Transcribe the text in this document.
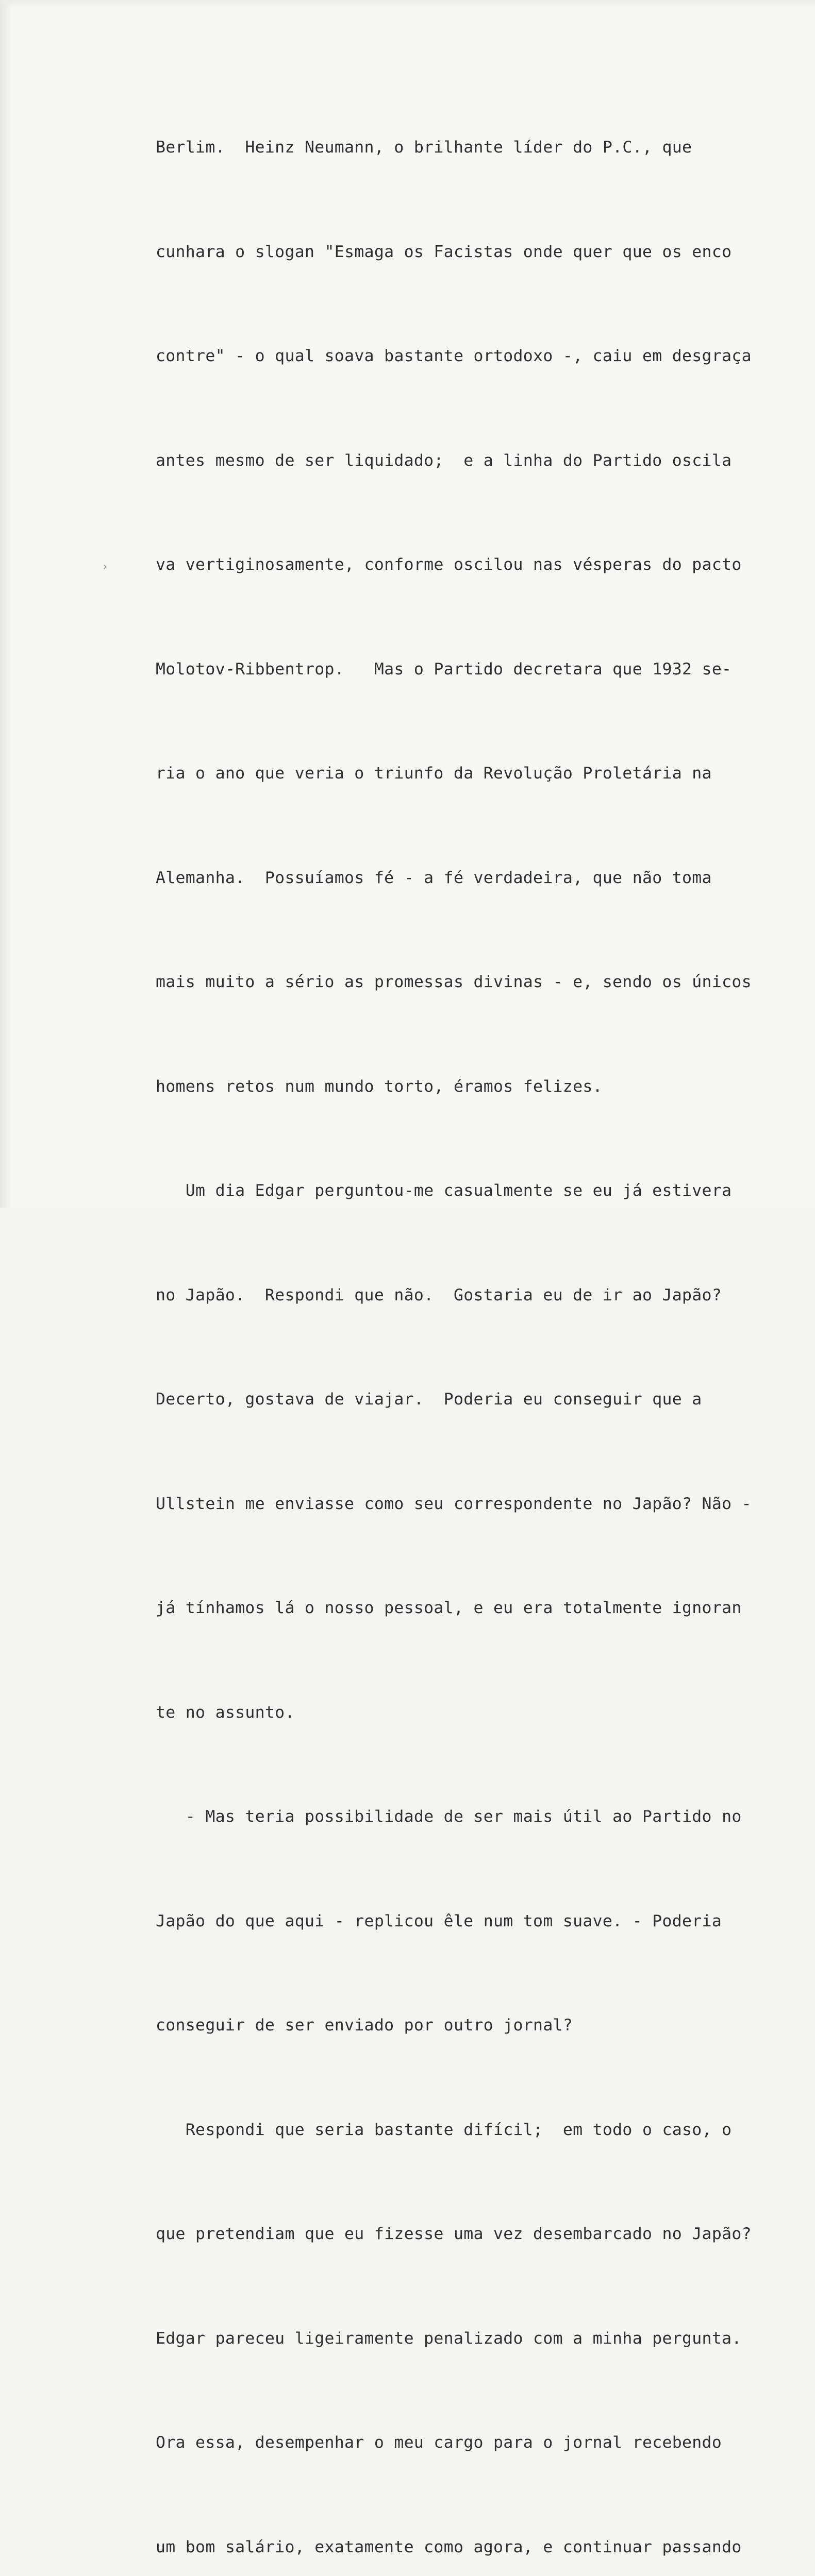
›

Berlim.  Heinz Neumann, o brilhante líder do P.C., que

cunhara o slogan "Esmaga os Facistas onde quer que os enco

contre" - o qual soava bastante ortodoxo -, caiu em desgraça

antes mesmo de ser liquidado;  e a linha do Partido oscila

va vertiginosamente, conforme oscilou nas vésperas do pacto

Molotov-Ribbentrop.   Mas o Partido decretara que 1932 se-

ria o ano que veria o triunfo da Revolução Proletária na

Alemanha.  Possuíamos fé - a fé verdadeira, que não toma

mais muito a sério as promessas divinas - e, sendo os únicos

homens retos num mundo torto, éramos felizes.

Um dia Edgar perguntou-me casualmente se eu já estivera

no Japão.  Respondi que não.  Gostaria eu de ir ao Japão?

Decerto, gostava de viajar.  Poderia eu conseguir que a

Ullstein me enviasse como seu correspondente no Japão? Não -

já tínhamos lá o nosso pessoal, e eu era totalmente ignoran

te no assunto.

- Mas teria possibilidade de ser mais útil ao Partido no

Japão do que aqui - replicou êle num tom suave. - Poderia

conseguir de ser enviado por outro jornal?

Respondi que seria bastante difícil;  em todo o caso, o

que pretendiam que eu fizesse uma vez desembarcado no Japão?

Edgar pareceu ligeiramente penalizado com a minha pergunta.

Ora essa, desempenhar o meu cargo para o jornal recebendo

um bom salário, exatamente como agora, e continuar passando
